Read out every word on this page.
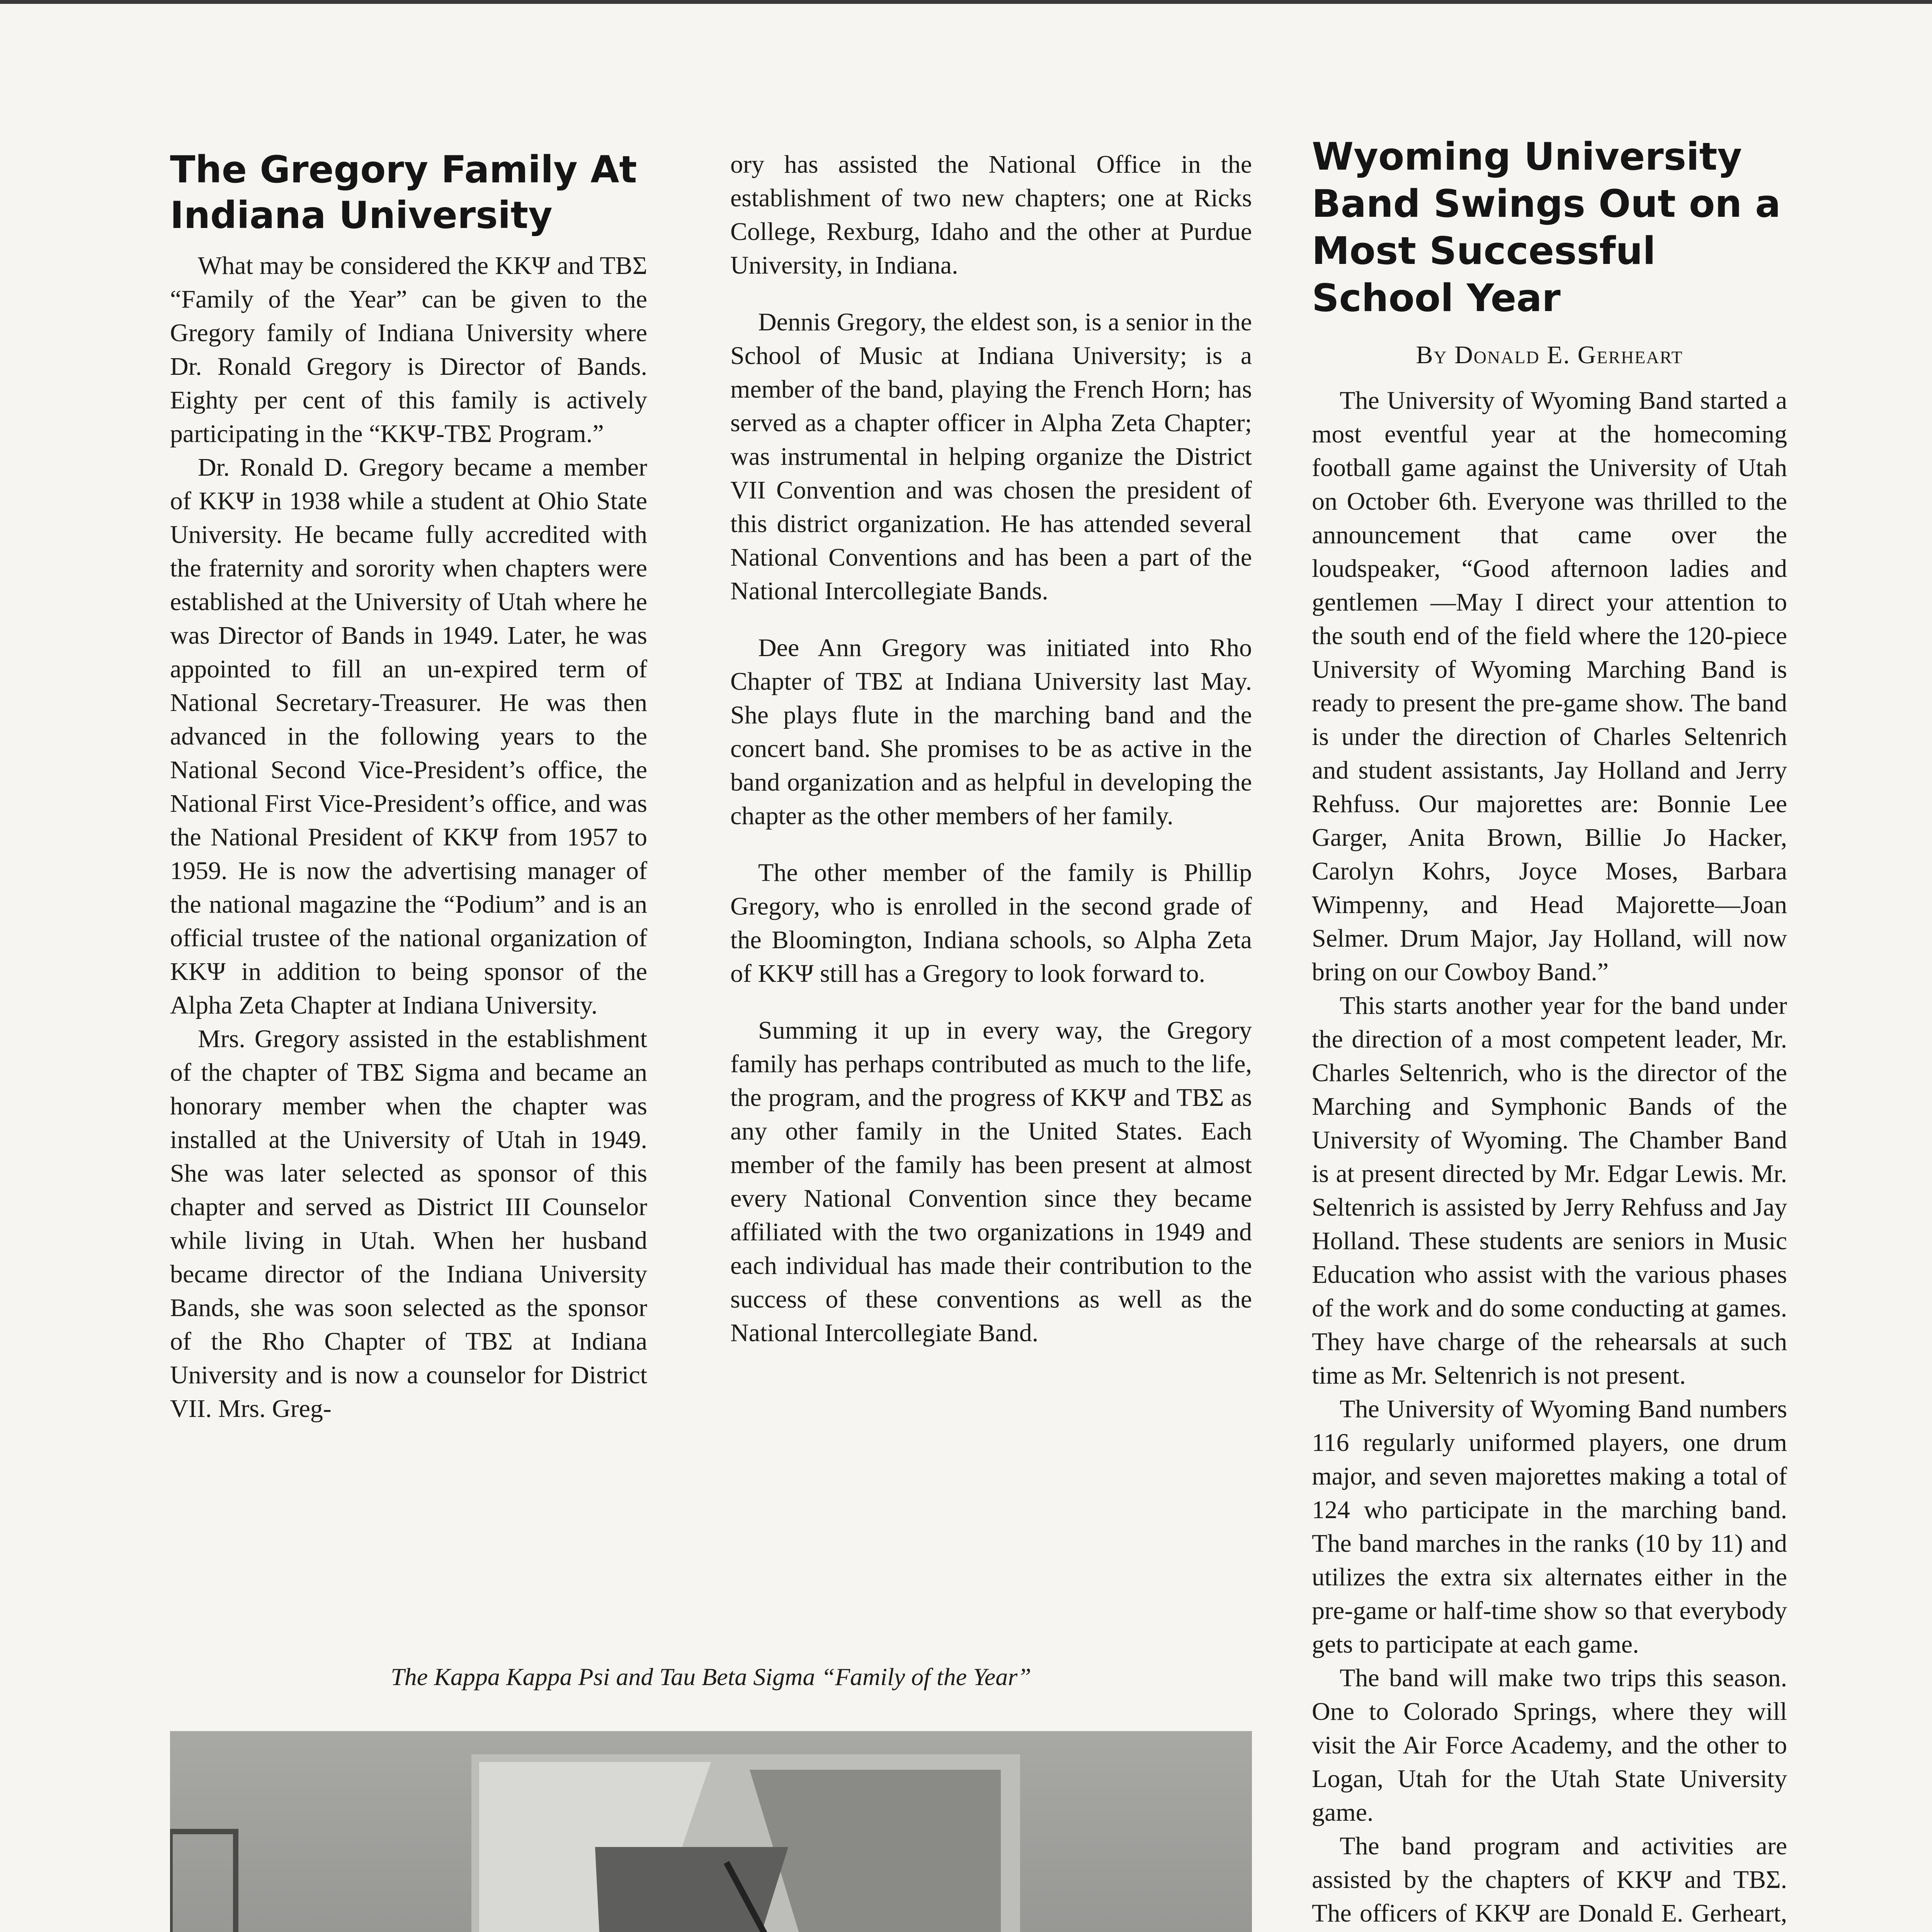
The Gregory Family At Indiana University

What may be considered the KKΨ and TBΣ “Family of the Year” can be given to the Gregory family of Indiana University where Dr. Ronald Gregory is Director of Bands. Eighty per cent of this family is actively participating in the “KKΨ-TBΣ Program.”

Dr. Ronald D. Gregory became a member of KKΨ in 1938 while a student at Ohio State University. He became fully accredited with the fraternity and sorority when chapters were established at the University of Utah where he was Director of Bands in 1949. Later, he was appointed to fill an un-expired term of National Secretary-Treasurer. He was then advanced in the following years to the National Second Vice-President’s office, the National First Vice-President’s office, and was the National President of KKΨ from 1957 to 1959. He is now the advertising manager of the national magazine the “Podium” and is an official trustee of the national organization of KKΨ in addition to being sponsor of the Alpha Zeta Chapter at Indiana University.

Mrs. Gregory assisted in the establishment of the chapter of TBΣ Sigma and became an honorary member when the chapter was installed at the University of Utah in 1949. She was later selected as sponsor of this chapter and served as District III Counselor while living in Utah. When her husband became director of the Indiana University Bands, she was soon selected as the sponsor of the Rho Chapter of TBΣ at Indiana University and is now a counselor for District VII. Mrs. Greg-

ory has assisted the National Office in the establishment of two new chapters; one at Ricks College, Rexburg, Idaho and the other at Purdue University, in Indiana.

Dennis Gregory, the eldest son, is a senior in the School of Music at Indiana University; is a member of the band, playing the French Horn; has served as a chapter officer in Alpha Zeta Chapter; was instrumental in helping organize the District VII Convention and was chosen the president of this district organization. He has attended several National Conventions and has been a part of the National Intercollegiate Bands.

Dee Ann Gregory was initiated into Rho Chapter of TBΣ at Indiana University last May. She plays flute in the marching band and the concert band. She promises to be as active in the band organization and as helpful in developing the chapter as the other members of her family.

The other member of the family is Phillip Gregory, who is enrolled in the second grade of the Bloomington, Indiana schools, so Alpha Zeta of KKΨ still has a Gregory to look forward to.

Summing it up in every way, the Gregory family has perhaps contributed as much to the life, the program, and the progress of KKΨ and TBΣ as any other family in the United States. Each member of the family has been present at almost every National Convention since they became affiliated with the two organizations in 1949 and each individual has made their contribution to the success of these conventions as well as the National Intercollegiate Band.

Wyoming University Band Swings Out on a Most Successful School Year
By Donald E. Gerheart

The University of Wyoming Band started a most eventful year at the homecoming football game against the University of Utah on October 6th. Everyone was thrilled to the announcement that came over the loudspeaker, “Good afternoon ladies and gentlemen —May I direct your attention to the south end of the field where the 120-piece University of Wyoming Marching Band is ready to present the pre-game show. The band is under the direction of Charles Seltenrich and student assistants, Jay Holland and Jerry Rehfuss. Our majorettes are: Bonnie Lee Garger, Anita Brown, Billie Jo Hacker, Carolyn Kohrs, Joyce Moses, Barbara Wimpenny, and Head Majorette—Joan Selmer. Drum Major, Jay Holland, will now bring on our Cowboy Band.”

This starts another year for the band under the direction of a most competent leader, Mr. Charles Seltenrich, who is the director of the Marching and Symphonic Bands of the University of Wyoming. The Chamber Band is at present directed by Mr. Edgar Lewis. Mr. Seltenrich is assisted by Jerry Rehfuss and Jay Holland. These students are seniors in Music Education who assist with the various phases of the work and do some conducting at games. They have charge of the rehearsals at such time as Mr. Seltenrich is not present.

The University of Wyoming Band numbers 116 regularly uniformed players, one drum major, and seven majorettes making a total of 124 who participate in the marching band. The band marches in the ranks (10 by 11) and utilizes the extra six alternates either in the pre-game or half-time show so that everybody gets to participate at each game.

The band will make two trips this season. One to Colorado Springs, where they will visit the Air Force Academy, and the other to Logan, Utah for the Utah State University game.

The band program and activities are assisted by the chapters of KKΨ and TBΣ. The officers of KKΨ are Donald E. Gerheart,

The Kappa Kappa Psi and Tau Beta Sigma “Family of the Year”
